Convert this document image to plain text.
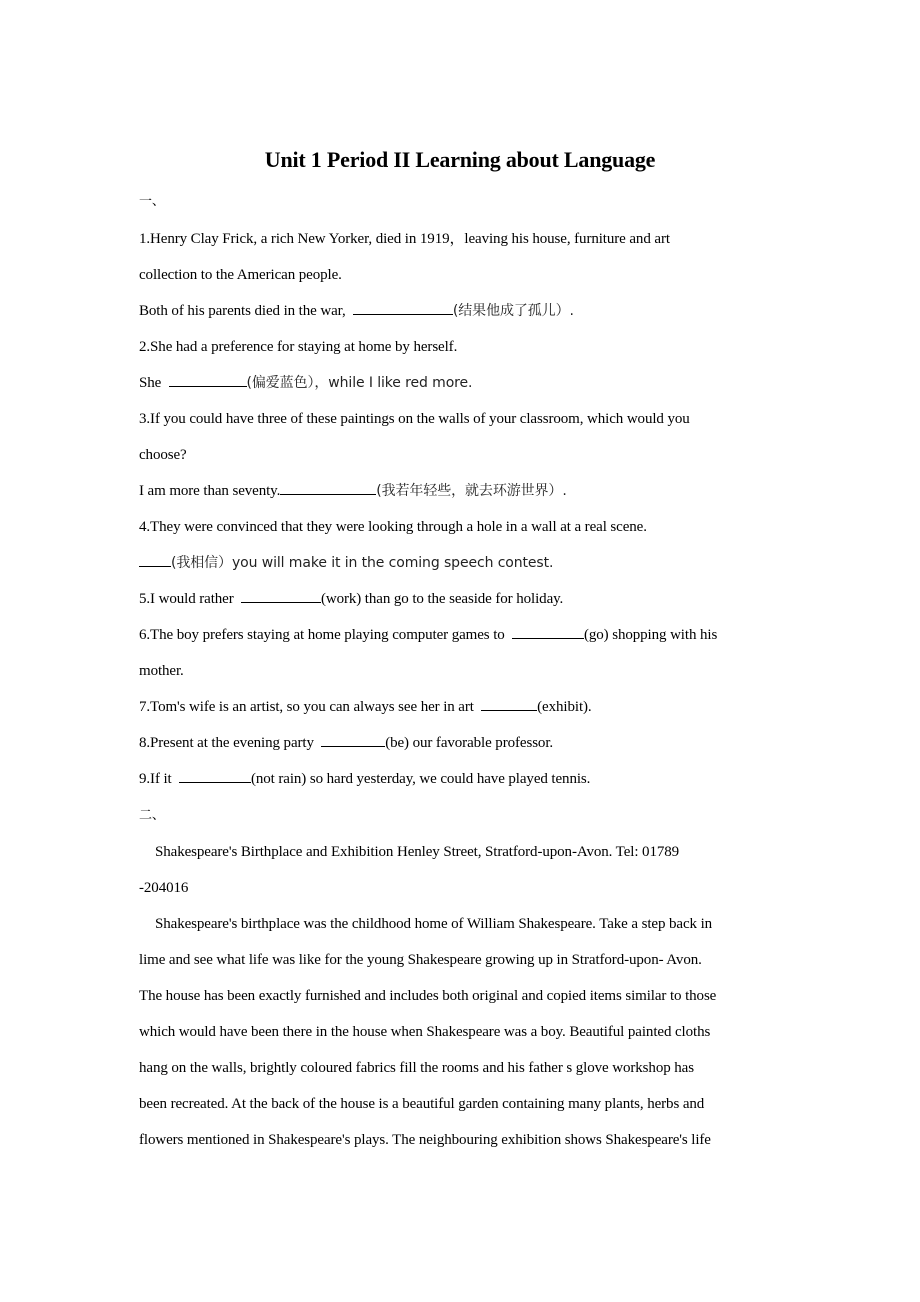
Unit 1 Period II Learning about Language
一、
1.Henry Clay Frick, a rich New Yorker, died in 1919，leaving his house, furniture and art
collection to the American people.
Both of his parents died in the war,	(结果他成了孤儿）.
2.She had a preference for staying at home by herself.
She	(偏爱蓝色），while I like red more.
3.If you could have three of these paintings on the walls of your classroom, which would you
choose?
I am more than seventy.	(我若年轻些，就去环游世界）.
4.They were convinced that they were looking through a hole in a wall at a real scene.
(我相信）you will make it in the coming speech contest.
5.I would rather	(work) than go to the seaside for holiday.
6.The boy prefers staying at home playing computer games to	(go) shopping with his
mother.
7.Tom's wife is an artist, so you can always see her in art	(exhibit).
8.Present at the evening party	(be) our favorable professor.
9.If it	(not rain) so hard yesterday, we could have played tennis.
二、
Shakespeare's Birthplace and Exhibition Henley Street, Stratford-upon-Avon. Tel: 01789
-204016
Shakespeare's birthplace was the childhood home of William Shakespeare. Take a step back in
lime and see what life was like for the young Shakespeare growing up in Stratford-upon- Avon.
The house has been exactly furnished and includes both original and copied items similar to those
which would have been there in the house when Shakespeare was a boy. Beautiful painted cloths
hang on the walls, brightly coloured fabrics fill the rooms and his father s glove workshop has
been recreated. At the back of the house is a beautiful garden containing many plants, herbs and
flowers mentioned in Shakespeare's plays. The neighbouring exhibition shows Shakespeare's life
